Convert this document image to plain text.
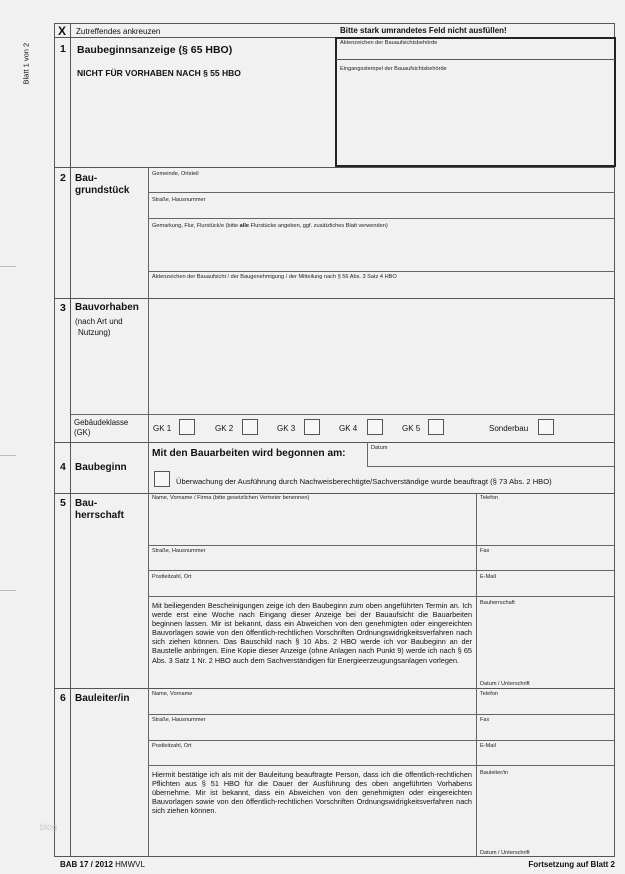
Blatt 1 von 2
X Zutreffendes ankreuzen	Bitte stark umrandetes Feld nicht ausfüllen!
1 Baubeginnsanzeige (§ 65 HBO)
NICHT FÜR VORHABEN NACH § 55 HBO
Aktenzeichen der Bauaufsichtsbehörde
Eingangsstempel der Bauaufsichtsbehörde
2 Bau-
grundstück
Gemeinde, Ortsteil
Straße, Hausnummer
Gemarkung, Flur, Flurstück/e (bitte alle Flurstücke angeben, ggf. zusätzliches Blatt verwenden)
Aktenzeichen der Bauaufsicht / der Baugenehmigung / der Mitteilung nach § 56 Abs. 3 Satz 4 HBO
3 Bauvorhaben
(nach Art und
Nutzung)
Gebäudeklasse
(GK)	GK 1	GK 2	GK 3	GK 4	GK 5	Sonderbau
4 Baubeginn
Mit den Bauarbeiten wird begonnen am:	Datum
Überwachung der Ausführung durch Nachweisberechtigte/Sachverständige wurde beauftragt (§ 73 Abs. 2 HBO)
5 Bau-
herrschaft
Name, Vorname / Firma (bitte gesetzlichen Vertreter benennen)	Telefon
Straße, Hausnummer	Fax
Postleitzahl, Ort	E-Mail
Mit beiliegenden Bescheinigungen zeige ich den Baubeginn zum oben angeführten Termin an. Ich werde erst eine Woche nach Eingang dieser Anzeige bei der Bauaufsicht die Bauarbeiten beginnen lassen. Mir ist bekannt, dass ein Abweichen von den genehmigten oder eingereichten Bauvorlagen sowie von den öffentlich-rechtlichen Vorschriften Ordnungswidrigkeitsverfahren nach sich ziehen können. Das Bauschild nach § 10 Abs. 2 HBO werde ich vor Baubeginn an der Baustelle anbringen. Eine Kopie dieser Anzeige (ohne Anlagen nach Punkt 9) werde ich nach § 65 Abs. 3 Satz 1 Nr. 2 HBO auch dem Sachverständigen für Energieerzeugungsanlagen vorlegen.
Bauherrschaft
Datum / Unterschrift
6 Bauleiter/in	Name, Vorname	Telefon
Straße, Hausnummer	Fax
Postleitzahl, Ort	E-Mail
Hiermit bestätige ich als mit der Bauleitung beauftragte Person, dass ich die öffentlich-rechtlichen Pflichten aus § 51 HBO für die Dauer der Ausführung des oben angeführten Vorhabens übernehme. Mir ist bekannt, dass ein Abweichen von den genehmigten oder eingereichten Bauvorlagen sowie von den öffentlich-rechtlichen Vorschriften Ordnungswidrigkeitsverfahren nach sich ziehen können.
Bauleiter/in
Datum / Unterschrift
blog
BAB 17 / 2012 HMWVL	Fortsetzung auf Blatt 2
